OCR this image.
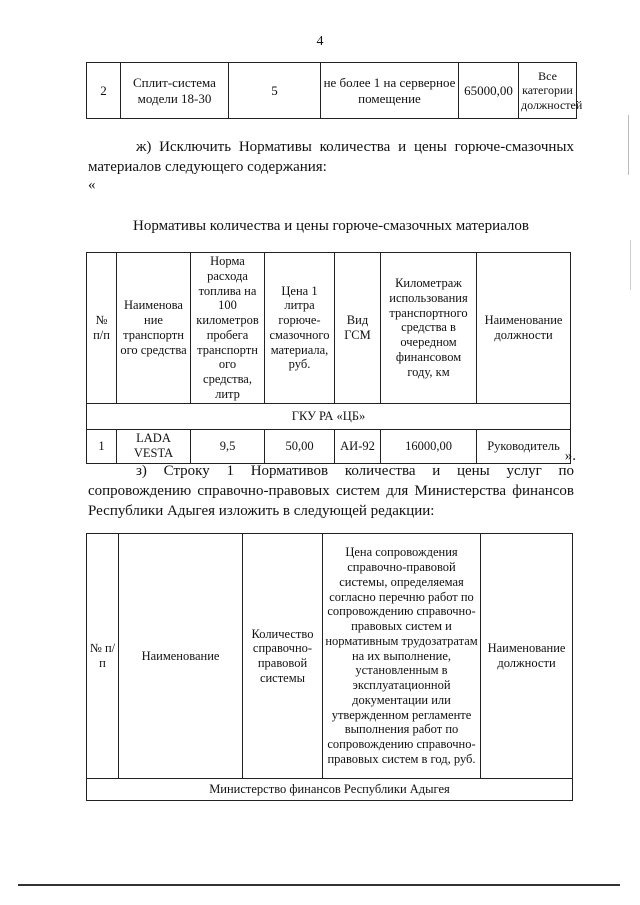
4
2	Сплит-система модели 18-30	5	не более 1 на серверное помещение	65000,00	Все категории должностей
ж) Исключить Нормативы количества и цены горюче-смазочных материалов следующего содержания:
«
Нормативы количества и цены горюче-смазочных материалов
№ п/п	Наименова ние транспортн ого средства	Норма расхода топлива на 100 километров пробега транспортн ого средства, литр	Цена 1 литра горюче-смазочного материала, руб.	Вид ГСМ	Километраж использования транспортного средства в очередном финансовом году, км	Наименование должности
ГКУ РА «ЦБ»						
1	LADA VESTA	9,5	50,00	АИ-92	16000,00	Руководитель
».
з) Строку 1 Нормативов количества и цены услуг по сопровождению справочно-правовых систем для Министерства финансов Республики Адыгея изложить в следующей редакции:
№ п/п	Наименование	Количество справочно-правовой системы	Цена сопровождения справочно-правовой системы, определяемая согласно перечню работ по сопровождению справочно-правовых систем и нормативным трудозатратам на их выполнение, установленным в эксплуатационной документации или утвержденном регламенте выполнения работ по сопровождению справочно-правовых систем в год, руб.	Наименование должности
Министерство финансов Республики Адыгея
